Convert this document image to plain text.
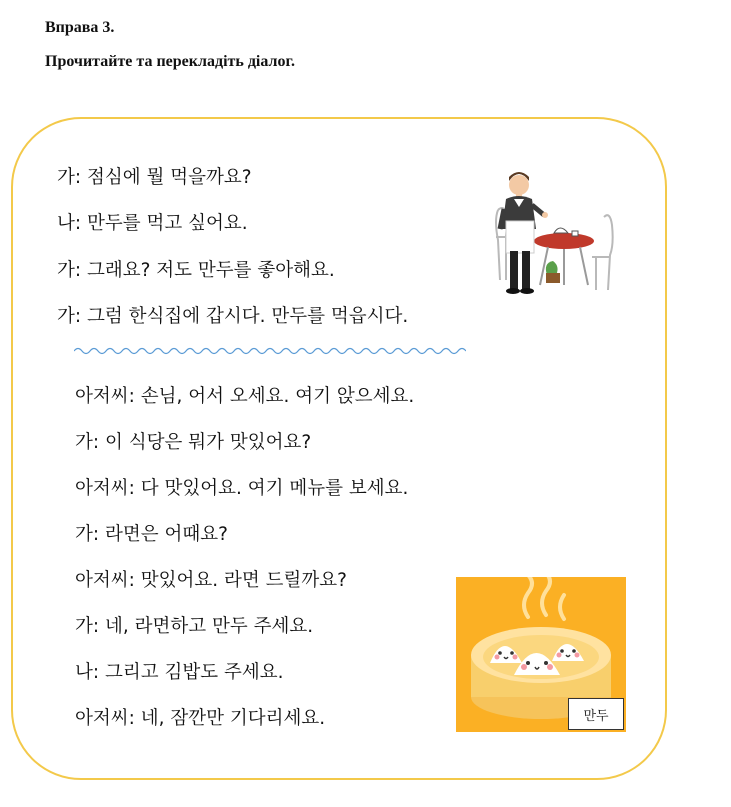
Вправа 3.
Прочитайте та перекладіть діалог.
가: 점심에 뭘 먹을까요?
나: 만두를 먹고 싶어요.
가: 그래요? 저도 만두를 좋아해요.
가: 그럼 한식집에 갑시다. 만두를 먹읍시다.
아저씨: 손님, 어서 오세요. 여기 앉으세요.
가: 이 식당은 뭐가 맛있어요?
아저씨: 다 맛있어요. 여기 메뉴를 보세요.
가: 라면은 어때요?
아저씨: 맛있어요. 라면 드릴까요?
가: 네, 라면하고 만두 주세요.
나: 그리고 김밥도 주세요.
아저씨: 네, 잠깐만 기다리세요.	만두
